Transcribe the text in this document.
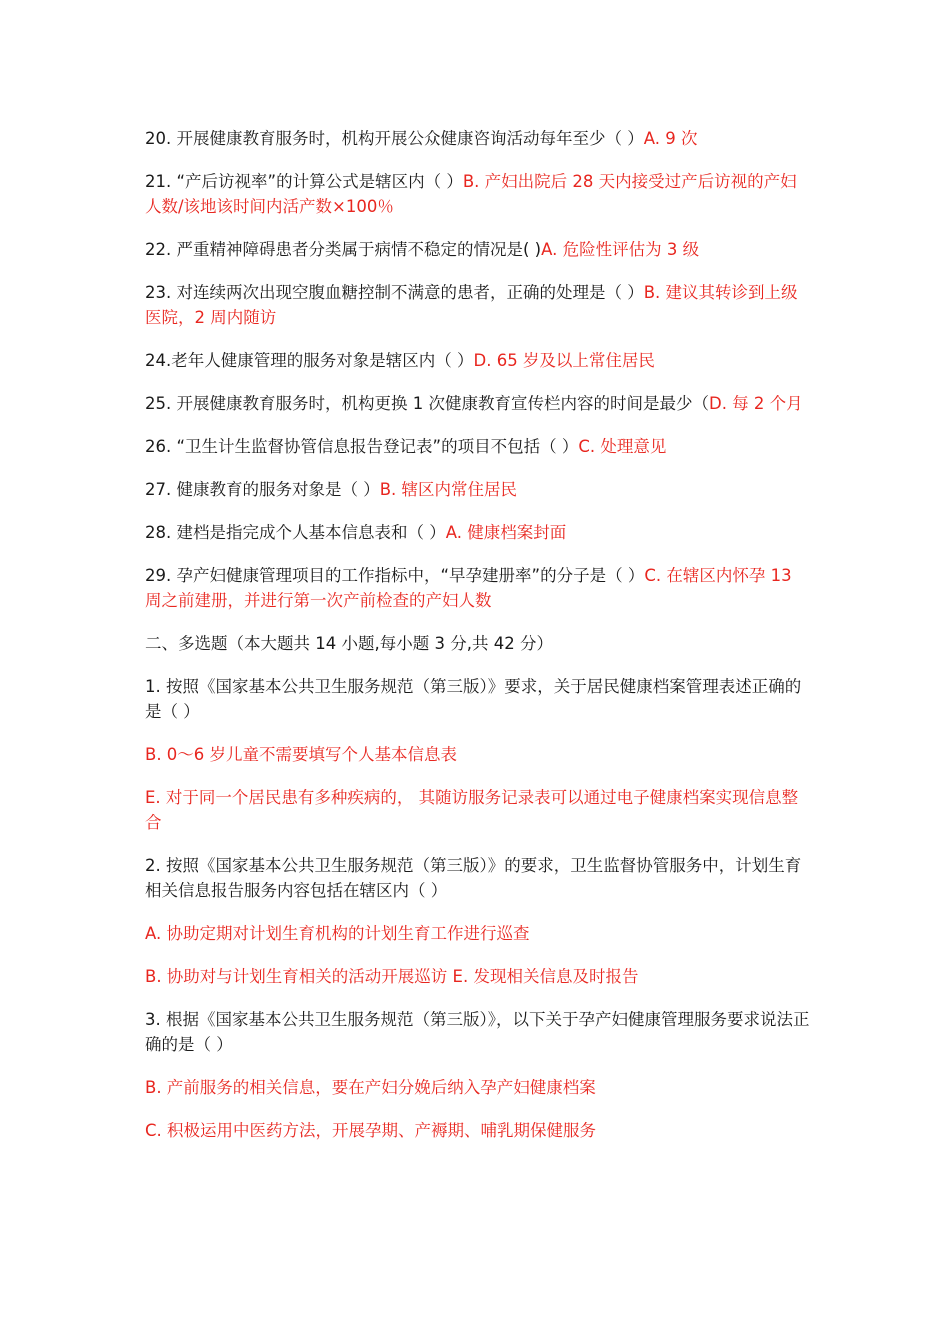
20. 开展健康教育服务时，机构开展公众健康咨询活动每年至少（ ）A. 9 次

21. “产后访视率”的计算公式是辖区内（ ）B. 产妇出院后 28 天内接受过产后访视的产妇人数/该地该时间内活产数×100％

22. 严重精神障碍患者分类属于病情不稳定的情况是( )A. 危险性评估为 3 级

23. 对连续两次出现空腹血糖控制不满意的患者，正确的处理是（ ）B. 建议其转诊到上级医院，2 周内随访

24.老年人健康管理的服务对象是辖区内（ ）D. 65 岁及以上常住居民

25. 开展健康教育服务时，机构更换 1 次健康教育宣传栏内容的时间是最少（D. 每 2 个月

26. “卫生计生监督协管信息报告登记表”的项目不包括（ ）C. 处理意见

27. 健康教育的服务对象是（ ）B. 辖区内常住居民

28. 建档是指完成个人基本信息表和（ ）A. 健康档案封面

29. 孕产妇健康管理项目的工作指标中，“早孕建册率”的分子是（ ）C. 在辖区内怀孕 13 周之前建册，并进行第一次产前检查的产妇人数

二、多选题（本大题共 14 小题,每小题 3 分,共 42 分）

1. 按照《国家基本公共卫生服务规范（第三版）》要求，关于居民健康档案管理表述正确的是（ ）

B. 0～6 岁儿童不需要填写个人基本信息表

E. 对于同一个居民患有多种疾病的， 其随访服务记录表可以通过电子健康档案实现信息整合

2. 按照《国家基本公共卫生服务规范（第三版）》的要求，卫生监督协管服务中，计划生育相关信息报告服务内容包括在辖区内（ ）

A. 协助定期对计划生育机构的计划生育工作进行巡查

B. 协助对与计划生育相关的活动开展巡访 E. 发现相关信息及时报告

3. 根据《国家基本公共卫生服务规范（第三版）》，以下关于孕产妇健康管理服务要求说法正确的是（ ）

B. 产前服务的相关信息，要在产妇分娩后纳入孕产妇健康档案

C. 积极运用中医药方法，开展孕期、产褥期、哺乳期保健服务
